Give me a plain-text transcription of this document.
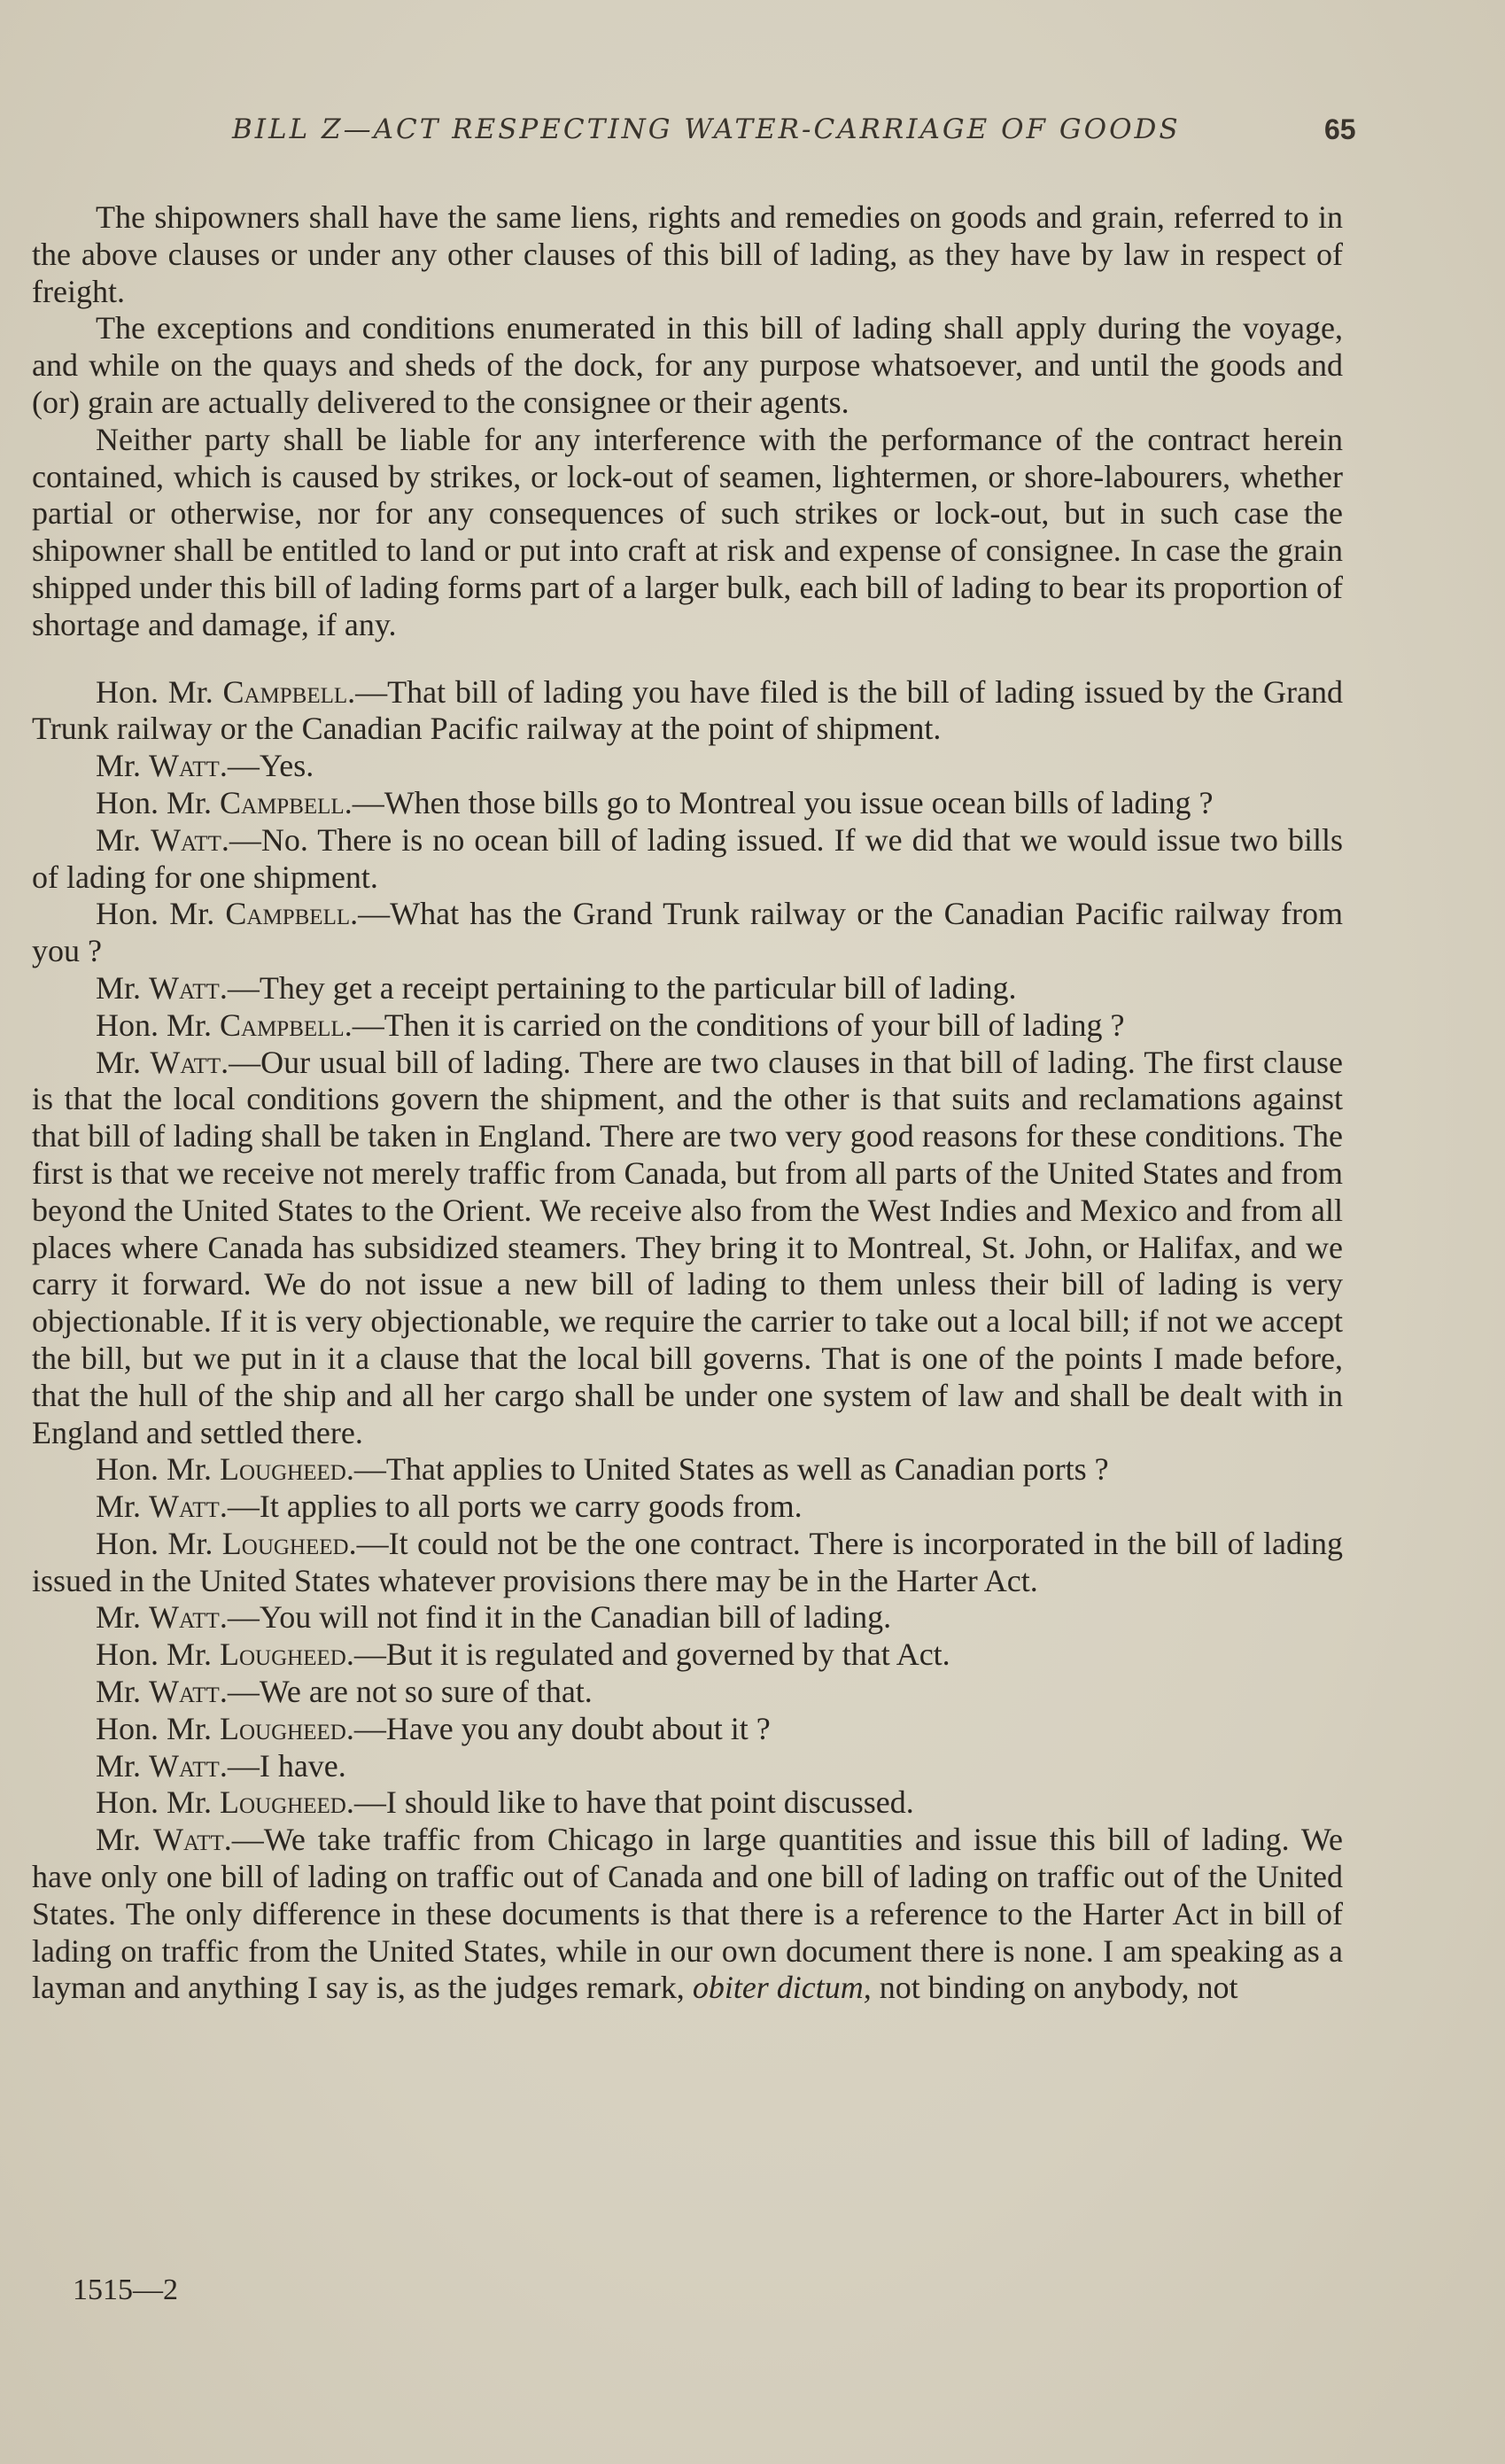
BILL Z—ACT RESPECTING WATER-CARRIAGE OF GOODS	65

The shipowners shall have the same liens, rights and remedies on goods and grain, referred to in the above clauses or under any other clauses of this bill of lading, as they have by law in respect of freight.

The exceptions and conditions enumerated in this bill of lading shall apply during the voyage, and while on the quays and sheds of the dock, for any purpose whatsoever, and until the goods and (or) grain are actually delivered to the consignee or their agents.

Neither party shall be liable for any interference with the performance of the contract herein contained, which is caused by strikes, or lock-out of seamen, lightermen, or shore-labourers, whether partial or otherwise, nor for any consequences of such strikes or lock-out, but in such case the shipowner shall be entitled to land or put into craft at risk and expense of consignee. In case the grain shipped under this bill of lading forms part of a larger bulk, each bill of lading to bear its proportion of shortage and damage, if any.

Hon. Mr. Campbell.—That bill of lading you have filed is the bill of lading issued by the Grand Trunk railway or the Canadian Pacific railway at the point of shipment.

Mr. Watt.—Yes.

Hon. Mr. Campbell.—When those bills go to Montreal you issue ocean bills of lading ?

Mr. Watt.—No. There is no ocean bill of lading issued. If we did that we would issue two bills of lading for one shipment.

Hon. Mr. Campbell.—What has the Grand Trunk railway or the Canadian Pacific railway from you ?

Mr. Watt.—They get a receipt pertaining to the particular bill of lading.

Hon. Mr. Campbell.—Then it is carried on the conditions of your bill of lading ?

Mr. Watt.—Our usual bill of lading. There are two clauses in that bill of lading. The first clause is that the local conditions govern the shipment, and the other is that suits and reclamations against that bill of lading shall be taken in England. There are two very good reasons for these conditions. The first is that we receive not merely traffic from Canada, but from all parts of the United States and from beyond the United States to the Orient. We receive also from the West Indies and Mexico and from all places where Canada has subsidized steamers. They bring it to Montreal, St. John, or Halifax, and we carry it forward. We do not issue a new bill of lading to them unless their bill of lading is very objectionable. If it is very objectionable, we require the carrier to take out a local bill; if not we accept the bill, but we put in it a clause that the local bill governs. That is one of the points I made before, that the hull of the ship and all her cargo shall be under one system of law and shall be dealt with in England and settled there.

Hon. Mr. Lougheed.—That applies to United States as well as Canadian ports ?

Mr. Watt.—It applies to all ports we carry goods from.

Hon. Mr. Lougheed.—It could not be the one contract. There is incorporated in the bill of lading issued in the United States whatever provisions there may be in the Harter Act.

Mr. Watt.—You will not find it in the Canadian bill of lading.

Hon. Mr. Lougheed.—But it is regulated and governed by that Act.

Mr. Watt.—We are not so sure of that.

Hon. Mr. Lougheed.—Have you any doubt about it ?

Mr. Watt.—I have.

Hon. Mr. Lougheed.—I should like to have that point discussed.

Mr. Watt.—We take traffic from Chicago in large quantities and issue this bill of lading. We have only one bill of lading on traffic out of Canada and one bill of lading on traffic out of the United States. The only difference in these documents is that there is a reference to the Harter Act in bill of lading on traffic from the United States, while in our own document there is none. I am speaking as a layman and anything I say is, as the judges remark, obiter dictum, not binding on anybody, not

1515—2
